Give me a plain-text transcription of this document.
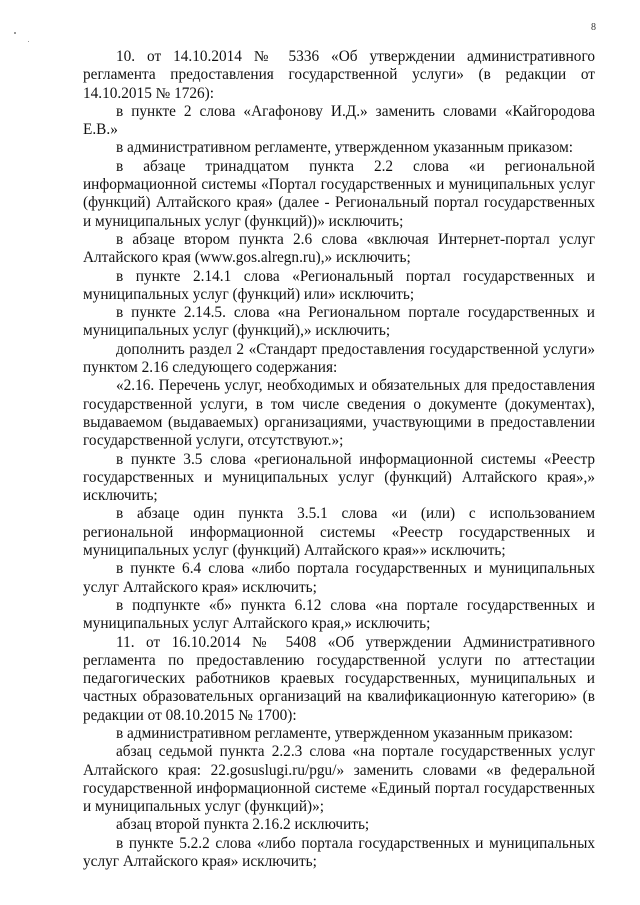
8

10. от 14.10.2014 № 5336 «Об утверждении административного регламента предоставления государственной услуги» (в редакции от 14.10.2015 № 1726):

в пункте 2 слова «Агафонову И.Д.» заменить словами «Кайгородова Е.В.»

в административном регламенте, утвержденном указанным приказом:

в абзаце тринадцатом пункта 2.2 слова «и региональной информационной системы «Портал государственных и муниципальных услуг (функций) Алтайского края» (далее - Региональный портал государственных и муниципальных услуг (функций))» исключить;

в абзаце втором пункта 2.6 слова «включая Интернет-портал услуг Алтайского края (www.gos.alregn.ru),» исключить;

в пункте 2.14.1 слова «Региональный портал государственных и муниципальных услуг (функций) или» исключить;

в пункте 2.14.5. слова «на Региональном портале государственных и муниципальных услуг (функций),» исключить;

дополнить раздел 2 «Стандарт предоставления государственной услуги» пунктом 2.16 следующего содержания:

«2.16. Перечень услуг, необходимых и обязательных для предоставления государственной услуги, в том числе сведения о документе (документах), выдаваемом (выдаваемых) организациями, участвующими в предоставлении государственной услуги, отсутствуют.»;

в пункте 3.5 слова «региональной информационной системы «Реестр государственных и муниципальных услуг (функций) Алтайского края»,» исключить;

в абзаце один пункта 3.5.1 слова «и (или) с использованием региональной информационной системы «Реестр государственных и муниципальных услуг (функций) Алтайского края»» исключить;

в пункте 6.4 слова «либо портала государственных и муниципальных услуг Алтайского края» исключить;

в подпункте «б» пункта 6.12 слова «на портале государственных и муниципальных услуг Алтайского края,» исключить;

11. от 16.10.2014 № 5408 «Об утверждении Административного регламента по предоставлению государственной услуги по аттестации педагогических работников краевых государственных, муниципальных и частных образовательных организаций на квалификационную категорию» (в редакции от 08.10.2015 № 1700):

в административном регламенте, утвержденном указанным приказом:

абзац седьмой пункта 2.2.3 слова «на портале государственных услуг Алтайского края: 22.gosuslugi.ru/pgu/» заменить словами «в федеральной государственной информационной системе «Единый портал государственных и муниципальных услуг (функций)»;

абзац второй пункта 2.16.2 исключить;

в пункте 5.2.2 слова «либо портала государственных и муниципальных услуг Алтайского края» исключить;
